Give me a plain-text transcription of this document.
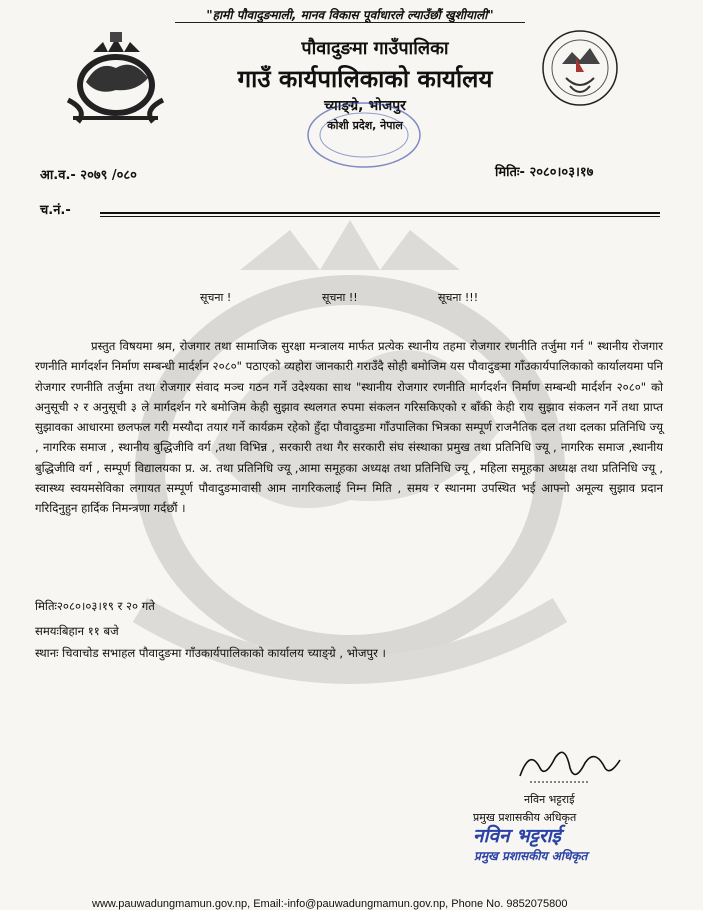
"हामी पौवादुङमाली, मानव विकास पूर्वाधारले ल्याउँछौं खुशीयाली"
पौवादुङमा गाउँपालिका
गाउँ कार्यपालिकाको कार्यालय
च्याङ्ग्रे, भोजपुर
कोशी प्रदेश, नेपाल
आ.व.- २०७९ /०८०	मितिः- २०८०।०३।१७
च.नं.-
सूचना !	सूचना !!	सूचना !!!

प्रस्तुत विषयमा श्रम, रोजगार तथा सामाजिक सुरक्षा मन्त्रालय मार्फत प्रत्येक स्थानीय तहमा रोजगार रणनीति तर्जुमा गर्न " स्थानीय रोजगार रणनीति मार्गदर्शन निर्माण सम्बन्धी मार्दर्शन २०८०" पठाएको व्यहोरा जानकारी गराउँदै सोही बमोजिम यस पौवादुङमा गाँउकार्यपालिकाको कार्यालयमा पनि रोजगार रणनीति तर्जुमा तथा रोजगार संवाद मञ्च गठन गर्ने उदेश्यका साथ "स्थानीय रोजगार रणनीति मार्गदर्शन निर्माण सम्बन्धी मार्दर्शन २०८०" को अनुसूची २ र अनुसूची ३ ले मार्गदर्शन गरे बमोजिम केही सुझाव स्थलगत रुपमा संकलन गरिसकिएको र बाँकी केही राय सुझाव संकलन गर्ने तथा प्राप्त सुझावका आधारमा छलफल गरी मस्यौदा तयार गर्ने कार्यक्रम रहेको हुँदा पौवादुङमा गाँउपालिका भित्रका सम्पूर्ण राजनैतिक दल तथा दलका प्रतिनिधि ज्यू , नागरिक समाज , स्थानीय बुद्धिजीवि वर्ग ,तथा विभिन्न , सरकारी तथा गैर सरकारी संघ संस्थाका प्रमुख तथा प्रतिनिधि ज्यू , नागरिक समाज ,स्थानीय बुद्धिजीवि वर्ग , सम्पूर्ण विद्यालयका प्र. अ. तथा प्रतिनिधि ज्यू ,आमा समूहका अध्यक्ष तथा प्रतिनिधि ज्यू , महिला समूहका अध्यक्ष तथा प्रतिनिधि ज्यू , स्वास्थ्य स्वयमसेविका लगायत सम्पूर्ण पौवादुङमावासी आम नागरिकलाई निम्न मिति , समय र स्थानमा उपस्थित भई आफ्नो अमूल्य सुझाव प्रदान गरिदिनुहुन हार्दिक निमन्त्रणा गर्दछौं ।

मितिः२०८०।०३।१९ र २० गते
समयःबिहान ११ बजे
स्थानः चिवाचोड सभाहल पौवादुङमा गाँउकार्यपालिकाको कार्यालय च्याङ्ग्रे , भोजपुर ।
नविन भट्टराई
प्रमुख प्रशासकीय अधिकृत
नविन भट्टराई
प्रमुख प्रशासकीय अधिकृत
www.pauwadungmamun.gov.np, Email:-info@pauwadungmamun.gov.np, Phone No. 9852075800
